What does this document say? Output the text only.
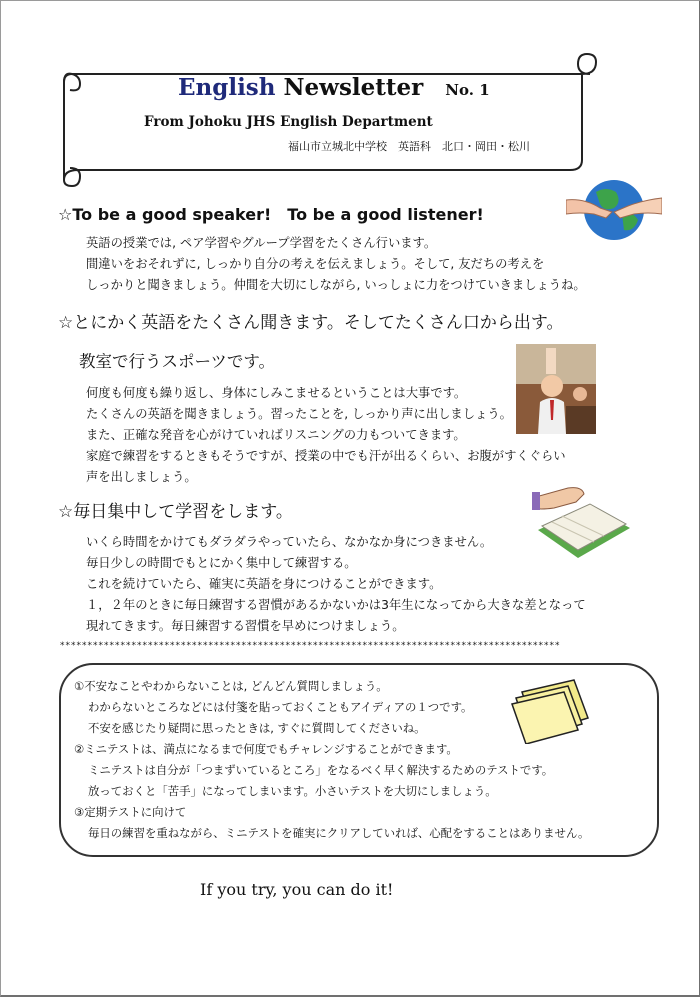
English Newsletter No. 1
From Johoku JHS English Department
福山市立城北中学校　英語科　北口・岡田・松川
☆To be a good speaker!　To be a good listener!
英語の授業では, ペア学習やグループ学習をたくさん行います。
間違いをおそれずに, しっかり自分の考えを伝えましょう。そして, 友だちの考えを
しっかりと聞きましょう。仲間を大切にしながら, いっしょに力をつけていきましょうね。
☆とにかく英語をたくさん聞きます。そしてたくさん口から出す。
教室で行うスポーツです。
何度も何度も繰り返し、身体にしみこませるということは大事です。
たくさんの英語を聞きましょう。習ったことを, しっかり声に出しましょう。
また、正確な発音を心がけていればリスニングの力もついてきます。
家庭で練習をするときもそうですが、授業の中でも汗が出るくらい、お腹がすくぐらい
声を出しましょう。
☆毎日集中して学習をします。
いくら時間をかけてもダラダラやっていたら、なかなか身につきません。
毎日少しの時間でもとにかく集中して練習する。
これを続けていたら、確実に英語を身につけることができます。
１，２年のときに毎日練習する習慣があるかないかは3年生になってから大きな差となって
現れてきます。毎日練習する習慣を早めにつけましょう。
*******************************************************************************************
①不安なことやわからないことは, どんどん質問しましょう。
わからないところなどには付箋を貼っておくこともアイディアの１つです。
不安を感じたり疑問に思ったときは, すぐに質問してくださいね。
②ミニテストは、満点になるまで何度でもチャレンジすることができます。
ミニテストは自分が「つまずいているところ」をなるべく早く解決するためのテストです。
放っておくと「苦手」になってしまいます。小さいテストを大切にしましょう。
③定期テストに向けて
毎日の練習を重ねながら、ミニテストを確実にクリアしていれば、心配をすることはありません。
If you try, you can do it!
